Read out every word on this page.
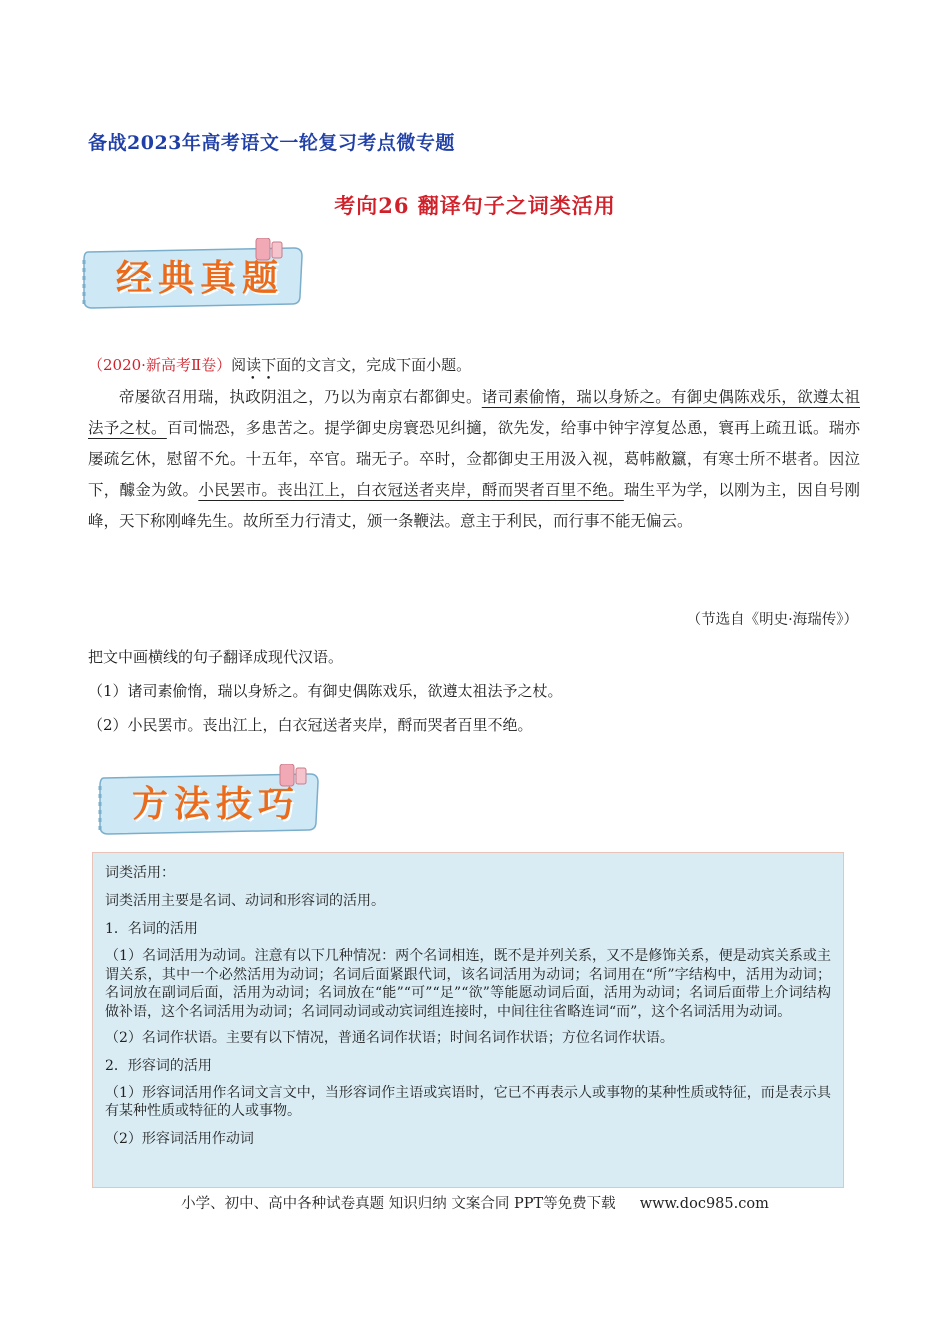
备战2023年高考语文一轮复习考点微专题
考向26 翻译句子之词类活用
经典真题
（2020·新高考Ⅱ卷）阅读下面的文言文，完成下面小题。
帝屡欲召用瑞，执政阴沮之，乃以为南京右都御史。诸司素偷惰，瑞以身矫之。有御史偶陈戏乐，欲遵太祖法予之杖。百司惴恐，多患苦之。提学御史房寰恐见纠擿，欲先发，给事中钟宇淳复怂恿，寰再上疏丑诋。瑞亦屡疏乞休，慰留不允。十五年，卒官。瑞无子。卒时，佥都御史王用汲入视，葛帏敝籝，有寒士所不堪者。因泣下，醵金为敛。小民罢市。丧出江上，白衣冠送者夹岸，酹而哭者百里不绝。瑞生平为学，以刚为主，因自号刚峰，天下称刚峰先生。故所至力行清丈，颁一条鞭法。意主于利民，而行事不能无偏云。
（节选自《明史·海瑞传》）
把文中画横线的句子翻译成现代汉语。
（1）诸司素偷惰，瑞以身矫之。有御史偶陈戏乐，欲遵太祖法予之杖。
（2）小民罢市。丧出江上，白衣冠送者夹岸，酹而哭者百里不绝。
方法技巧

词类活用：

词类活用主要是名词、动词和形容词的活用。

1．名词的活用

（1）名词活用为动词。注意有以下几种情况：两个名词相连，既不是并列关系，又不是修饰关系，便是动宾关系或主谓关系，其中一个必然活用为动词；名词后面紧跟代词，该名词活用为动词；名词用在“所”字结构中，活用为动词；名词放在副词后面，活用为动词；名词放在“能”“可”“足”“欲”等能愿动词后面，活用为动词；名词后面带上介词结构做补语，这个名词活用为动词；名词同动词或动宾词组连接时，中间往往省略连词“而”，这个名词活用为动词。

（2）名词作状语。主要有以下情况，普通名词作状语；时间名词作状语；方位名词作状语。

2．形容词的活用

（1）形容词活用作名词文言文中，当形容词作主语或宾语时，它已不再表示人或事物的某种性质或特征，而是表示具有某种性质或特征的人或事物。

（2）形容词活用作动词

小学、初中、高中各种试卷真题 知识归纳 文案合同 PPT等免费下载 www.doc985.com
